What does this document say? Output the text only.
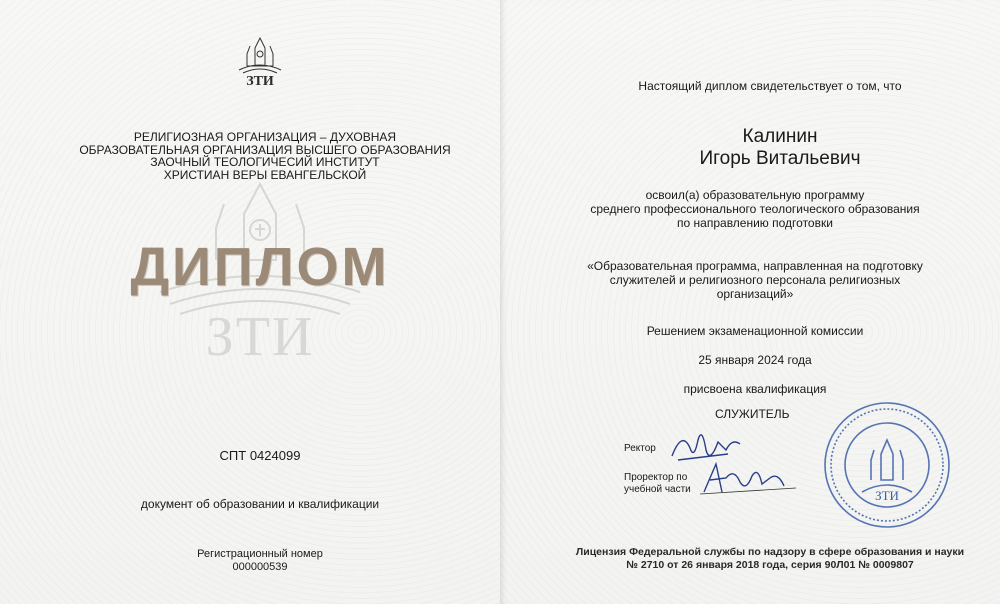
ЗТИ
РЕЛИГИОЗНАЯ ОРГАНИЗАЦИЯ – ДУХОВНАЯ
ОБРАЗОВАТЕЛЬНАЯ ОРГАНИЗАЦИЯ ВЫСШЕГО ОБРАЗОВАНИЯ
ЗАОЧНЫЙ ТЕОЛОГИЧЕСИЙ ИНСТИТУТ
ХРИСТИАН ВЕРЫ ЕВАНГЕЛЬСКОЙ
ДИПЛОМ
ЗТИ
СПТ 0424099
документ об образовании и квалификации
Регистрационный номер
000000539
Настоящий диплом свидетельствует о том, что
Калинин
Игорь Витальевич
освоил(а) образовательную программу
среднего профессионального теологического образования
по направлению подготовки
«Образовательная программа, направленная на подготовку
служителей и религиозного персонала религиозных
организаций»
Решением экзаменационной комиссии
25 января 2024 года
присвоена квалификация
СЛУЖИТЕЛЬ
Ректор
Проректор по
учебной части	ЗТИ
Лицензия Федеральной службы по надзору в сфере образования и науки
№ 2710 от 26 января 2018 года, серия 90Л01 № 0009807
